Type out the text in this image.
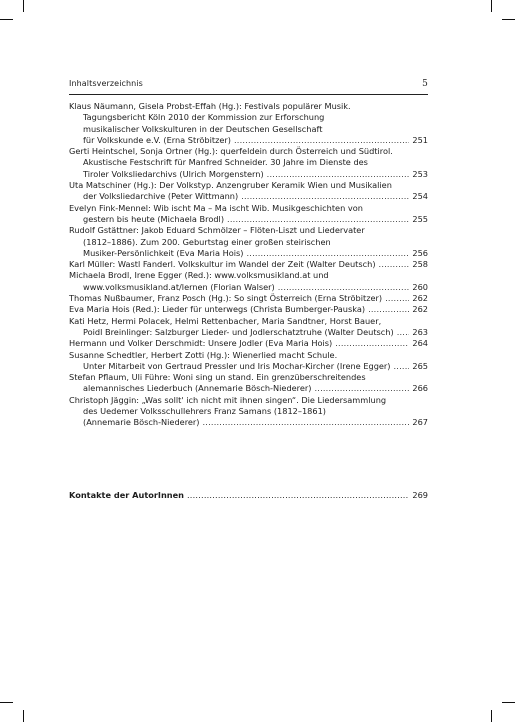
Inhaltsverzeichnis	5
Klaus Näumann, Gisela Probst-Effah (Hg.): Festivals populärer Musik.
Tagungsbericht Köln 2010 der Kommission zur Erforschung
musikalischer Volkskulturen in der Deutschen Gesellschaft
für Volkskunde e.V. (Erna Ströbitzer) .....	251
Gerti Heintschel, Sonja Ortner (Hg.): querfeldein durch Österreich und Südtirol.
Akustische Festschrift für Manfred Schneider. 30 Jahre im Dienste des
Tiroler Volksliedarchivs (Ulrich Morgenstern) .....	253
Uta Matschiner (Hg.): Der Volkstyp. Anzengruber Keramik Wien und Musikalien
der Volksliedarchive (Peter Wittmann) .....	254
Evelyn Fink-Mennel: Wib ischt Ma – Ma ischt Wib. Musikgeschichten von
gestern bis heute (Michaela Brodl) .....	255
Rudolf Gstättner: Jakob Eduard Schmölzer – Flöten-Liszt und Liedervater
(1812–1886). Zum 200. Geburtstag einer großen steirischen
Musiker-Persönlichkeit (Eva Maria Hois) .....	256
Karl Müller: Wastl Fanderl. Volkskultur im Wandel der Zeit (Walter Deutsch) .....	258
Michaela Brodl, Irene Egger (Red.): www.volksmusikland.at und
www.volksmusikland.at/lernen (Florian Walser) .....	260
Thomas Nußbaumer, Franz Posch (Hg.): So singt Österreich (Erna Ströbitzer) .....	262
Eva Maria Hois (Red.): Lieder für unterwegs (Christa Bumberger-Pauska) .....	262
Kati Hetz, Hermi Polacek, Helmi Rettenbacher, Maria Sandtner, Horst Bauer,
Poidl Breinlinger: Salzburger Lieder- und Jodlerschatztruhe (Walter Deutsch) ..... 263
Hermann und Volker Derschmidt: Unsere Jodler (Eva Maria Hois) .....	264
Susanne Schedtler, Herbert Zotti (Hg.): Wienerlied macht Schule.
Unter Mitarbeit von Gertraud Pressler und Iris Mochar-Kircher (Irene Egger) .....	265
Stefan Pflaum, Uli Führe: Woni sing un stand. Ein grenzüberschreitendes
alemannisches Liederbuch (Annemarie Bösch-Niederer) .....	266
Christoph Jäggin: „Was sollt' ich nicht mit ihnen singen“. Die Liedersammlung
des Uedemer Volksschullehrers Franz Samans (1812–1861)
(Annemarie Bösch-Niederer) .....	267
Kontakte der AutorInnen .....	269
